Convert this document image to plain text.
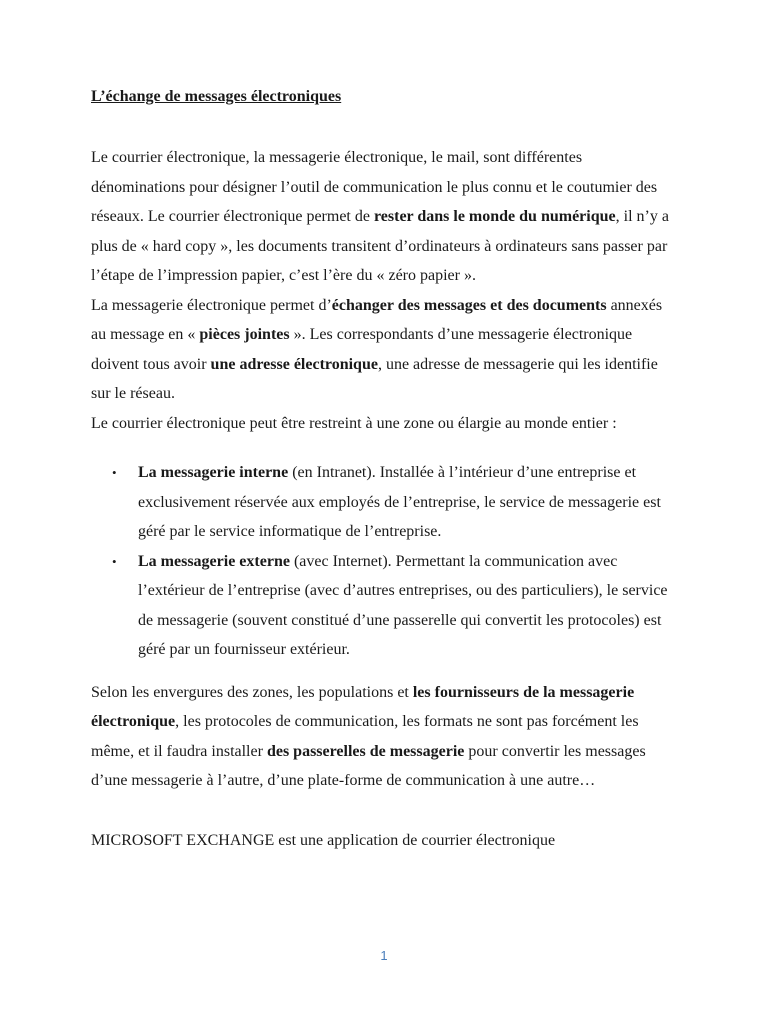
L’échange de messages électroniques

Le courrier électronique, la messagerie électronique, le mail, sont différentes dénominations pour désigner l’outil de communication le plus connu et le coutumier des réseaux. Le courrier électronique permet de rester dans le monde du numérique, il n’y a plus de « hard copy », les documents transitent d’ordinateurs à ordinateurs sans passer par l’étape de l’impression papier, c’est l’ère du « zéro papier ».

La messagerie électronique permet d’échanger des messages et des documents annexés au message en « pièces jointes ». Les correspondants d’une messagerie électronique doivent tous avoir une adresse électronique, une adresse de messagerie qui les identifie sur le réseau.

Le courrier électronique peut être restreint à une zone ou élargie au monde entier :

• La messagerie interne (en Intranet). Installée à l’intérieur d’une entreprise et exclusivement réservée aux employés de l’entreprise, le service de messagerie est géré par le service informatique de l’entreprise.
• La messagerie externe (avec Internet). Permettant la communication avec l’extérieur de l’entreprise (avec d’autres entreprises, ou des particuliers), le service de messagerie (souvent constitué d’une passerelle qui convertit les protocoles) est géré par un fournisseur extérieur.

Selon les envergures des zones, les populations et les fournisseurs de la messagerie électronique, les protocoles de communication, les formats ne sont pas forcément les même, et il faudra installer des passerelles de messagerie pour convertir les messages d’une messagerie à l’autre, d’une plate-forme de communication à une autre…

MICROSOFT EXCHANGE est une application de courrier électronique

1
